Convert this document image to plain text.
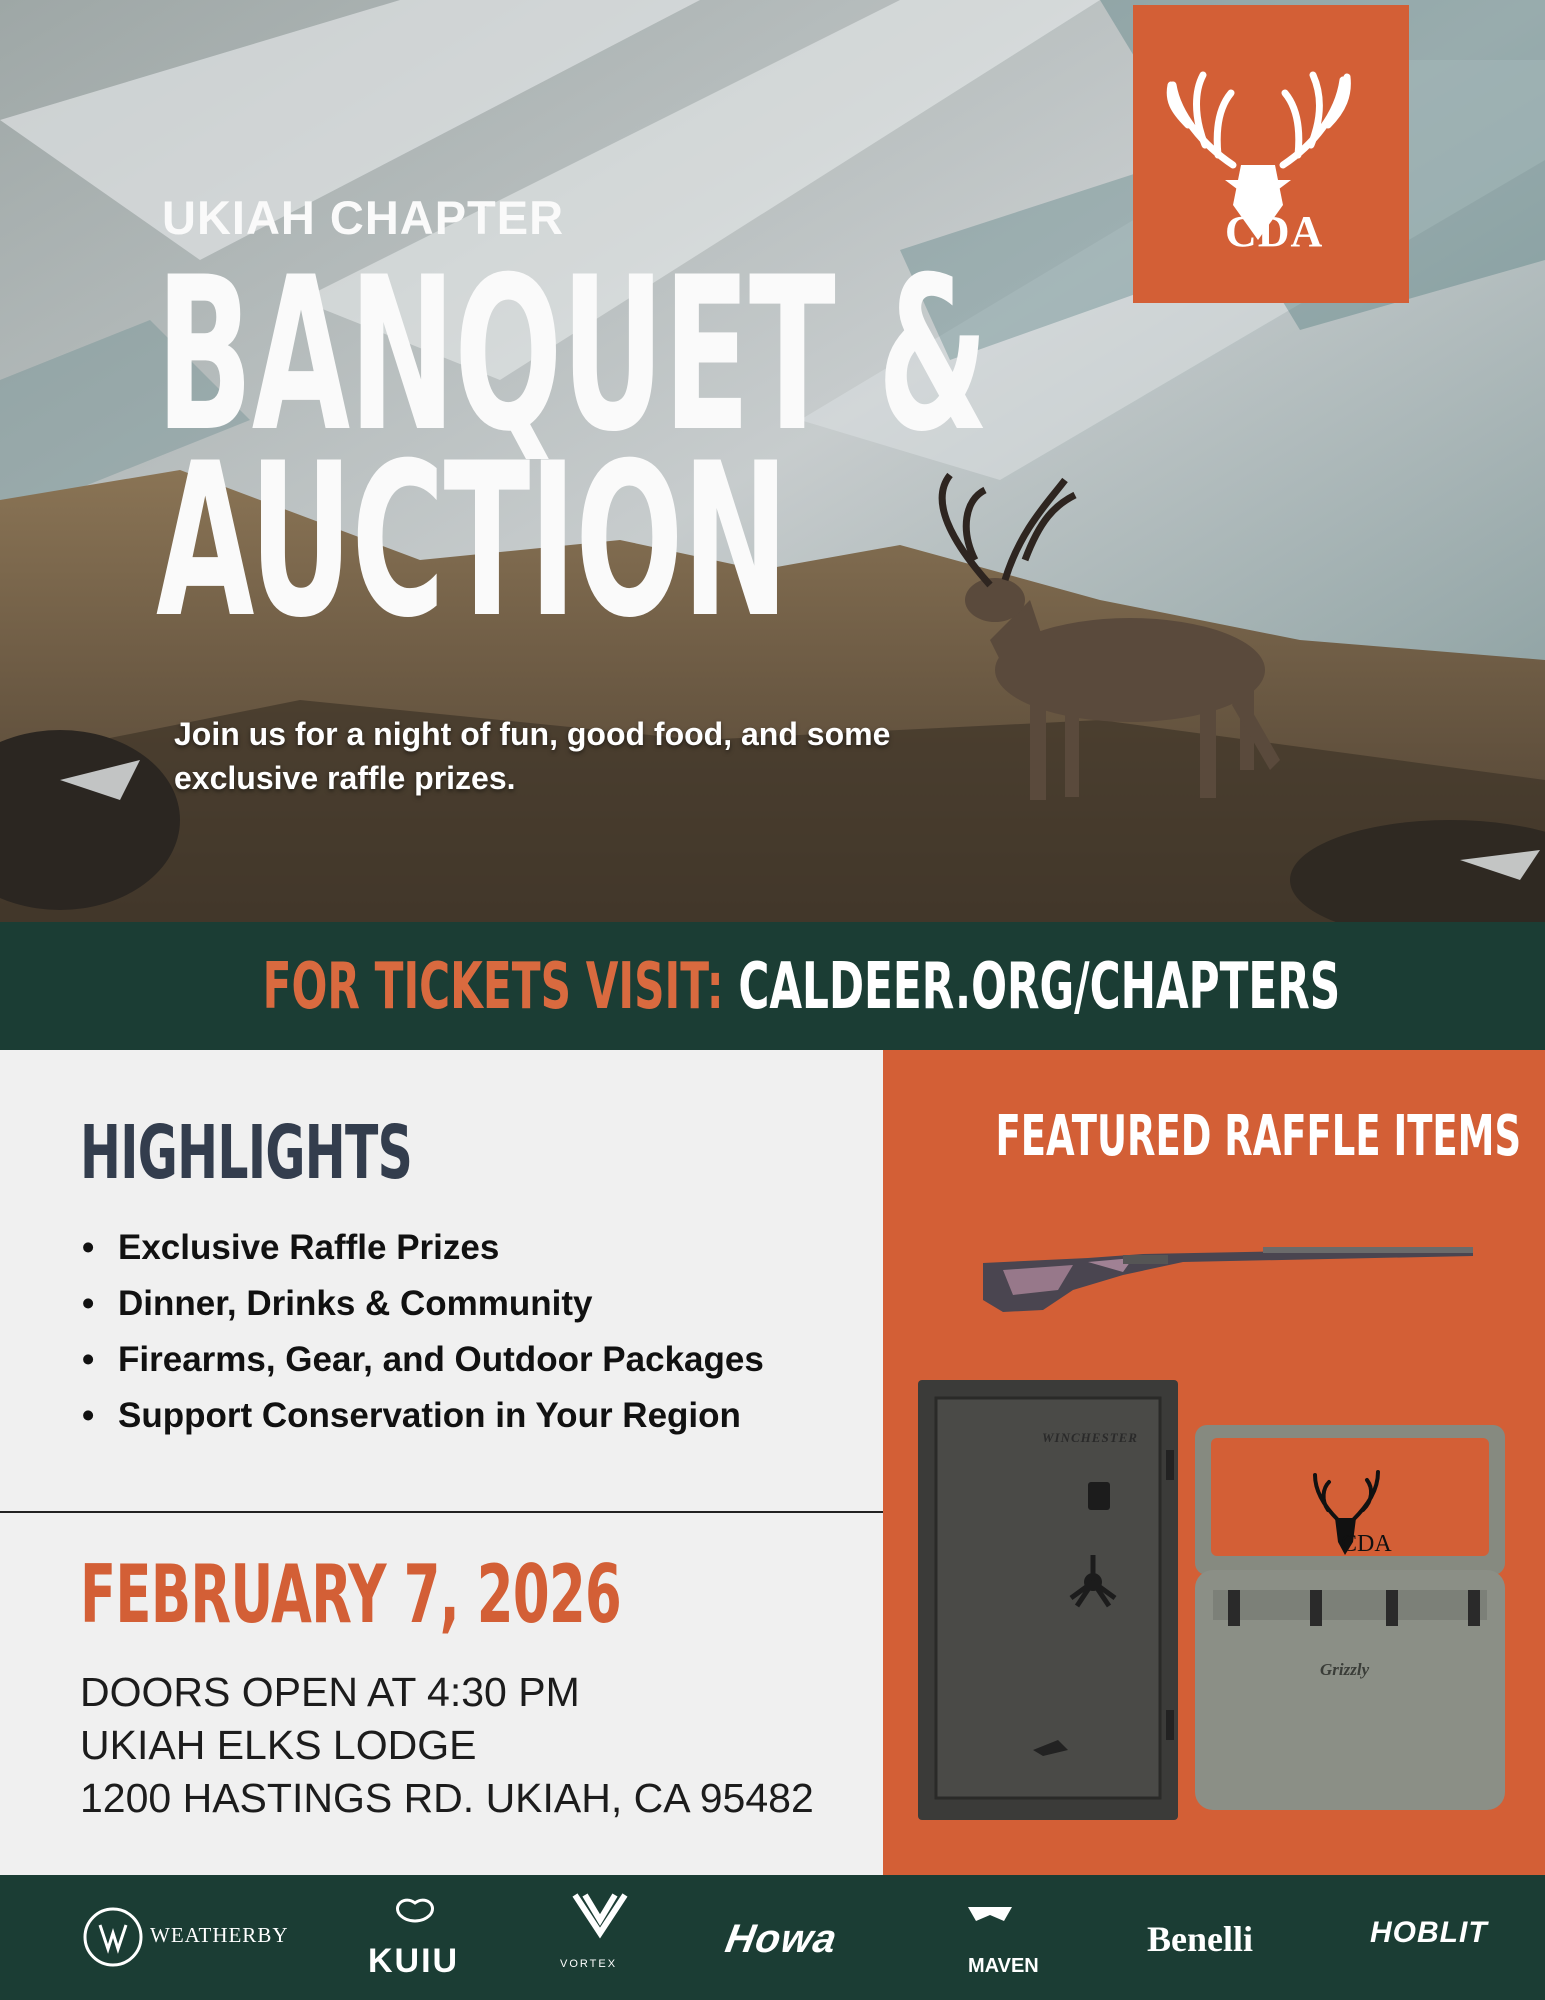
UKIAH CHAPTER
BANQUET &
AUCTION
Join us for a night of fun, good food, and some
exclusive raffle prizes.
CDA
FOR TICKETS VISIT: CALDEER.ORG/CHAPTERS
HIGHLIGHTS
• Exclusive Raffle Prizes
• Dinner, Drinks & Community
• Firearms, Gear, and Outdoor Packages
• Support Conservation in Your Region
FEBRUARY 7, 2026
DOORS OPEN AT 4:30 PM
UKIAH ELKS LODGE
1200 HASTINGS RD. UKIAH, CA 95482
FEATURED RAFFLE ITEMS
WINCHESTER
CDA
Grizzly
WEATHERBY
KUIU	VORTEX
Howa
MAVEN
Benelli	HOBLIT
